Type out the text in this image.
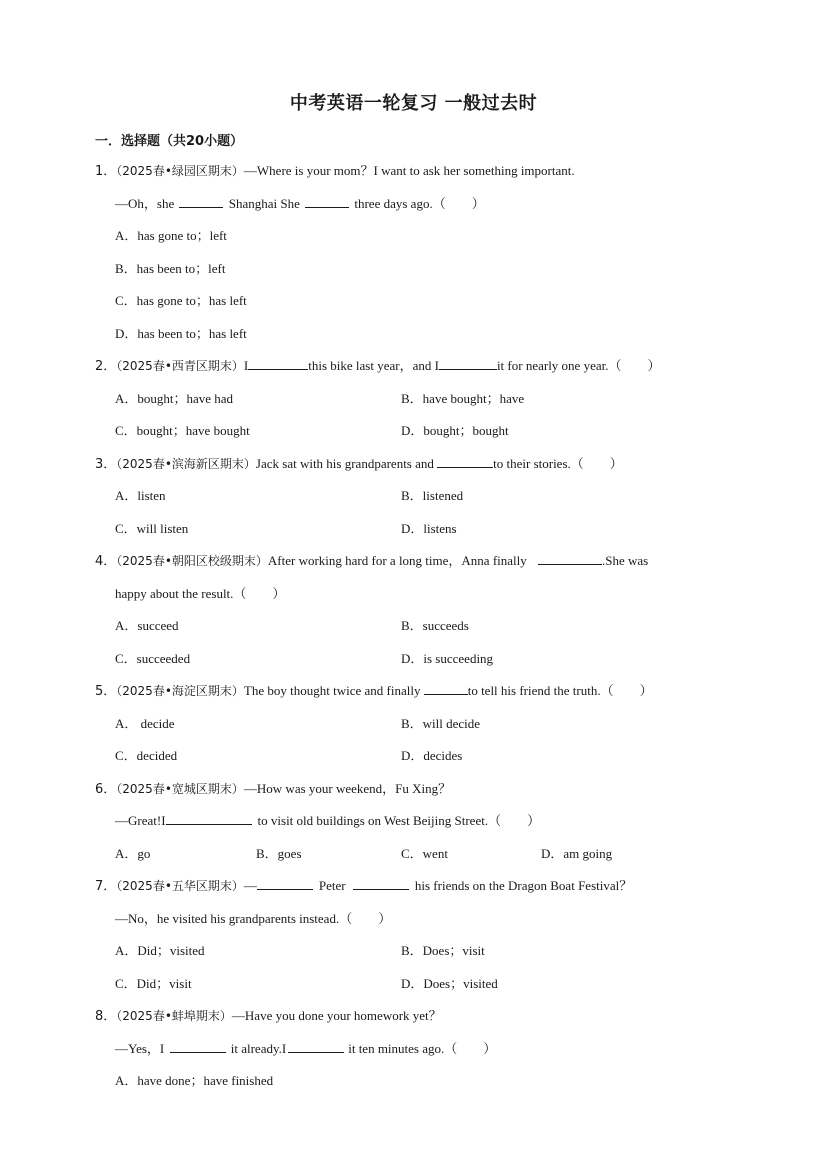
中考英语一轮复习 一般过去时
一．选择题（共20小题）
1．（2025春•绿园区期末）—Where is your mom？I want to ask her something important.
—Oh，she	Shanghai She	three days ago.（　　）
A．has gone to；left
B．has been to；left
C．has gone to；has left
D．has been to；has left
2．（2025春•西青区期末）I	this bike last year，and I	it for nearly one year.（　　）
A．bought；have had	B．have bought；have
C．bought；have bought	D．bought；bought
3．（2025春•滨海新区期末）Jack sat with his grandparents and	to their stories.（　　）
A．listen	B．listened
C．will listen	D．listens
4．（2025春•朝阳区校级期末）After working hard for a long time，Anna finally	.She was
happy about the result.（　　）
A．succeed	B．succeeds
C．succeeded	D．is succeeding
5．（2025春•海淀区期末）The boy thought twice and finally	to tell his friend the truth.（　　）
A． decide	B．will decide
C．decided	D．decides
6．（2025春•宽城区期末）—How was your weekend，Fu Xing？
—Great!I	to visit old buildings on West Beijing Street.（　　）
A．go	B．goes	C．went	D．am going
7．（2025春•五华区期末）—	Peter	his friends on the Dragon Boat Festival？
—No，he visited his grandparents instead.（　　）
A．Did；visited	B．Does；visit
C．Did；visit	D．Does；visited
8．（2025春•蚌埠期末）—Have you done your homework yet？
—Yes，I	it already.I	it ten minutes ago.（　　）
A．have done；have finished
